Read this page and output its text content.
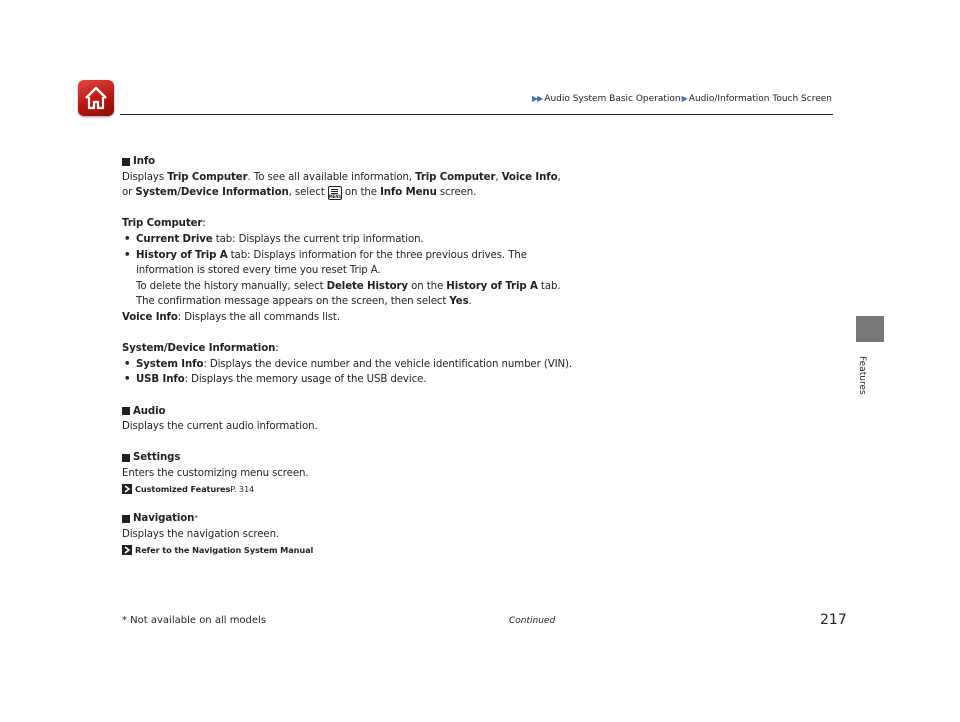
▶▶ Audio System Basic Operation▶Audio/Information Touch Screen
Features
Info

Displays Trip Computer. To see all available information, Trip Computer, Voice Info, or System/Device Information, select
MENU on the Info Menu screen.

Trip Computer:

• Current Drive tab: Displays the current trip information.

• History of Trip A tab: Displays information for the three previous drives. The information is stored every time you reset Trip A.

To delete the history manually, select Delete History on the History of Trip A tab. The confirmation message appears on the screen, then select Yes.

Voice Info: Displays the all commands list.

System/Device Information:

• System Info: Displays the device number and the vehicle identification number (VIN).

• USB Info: Displays the memory usage of the USB device.

Audio

Displays the current audio information.

Settings

Enters the customizing menu screen.

Customized Features P. 314
Navigation *

Displays the navigation screen.

Refer to the Navigation System Manual
* Not available on all models	Continued	217
